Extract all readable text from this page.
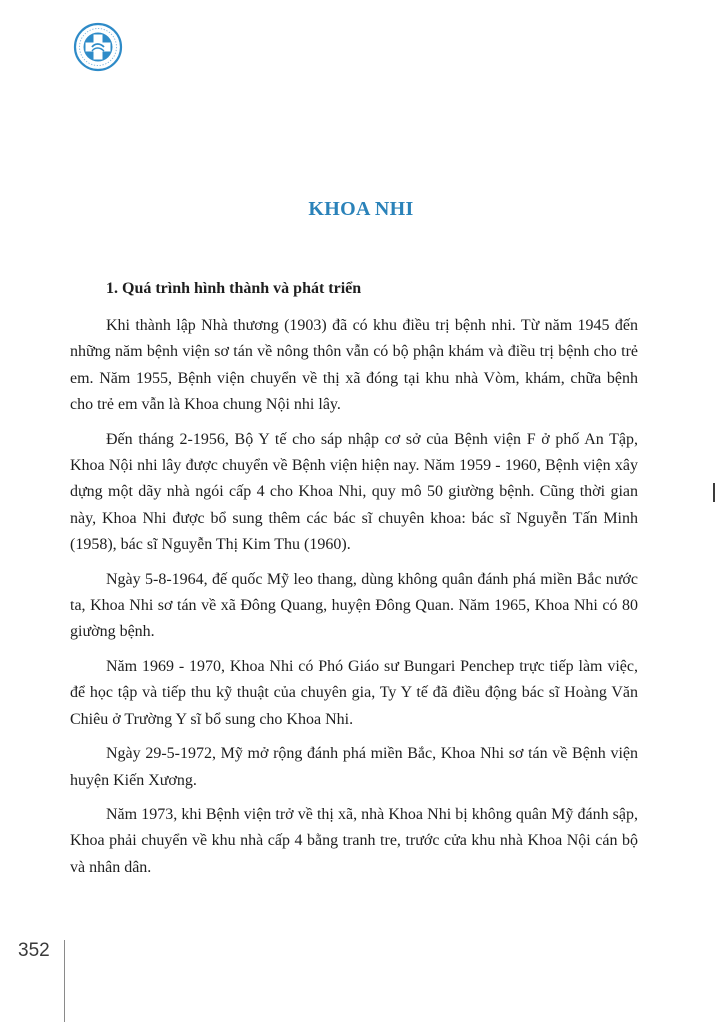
KHOA NHI
1. Quá trình hình thành và phát triển

Khi thành lập Nhà thương (1903) đã có khu điều trị bệnh nhi. Từ năm 1945 đến những năm bệnh viện sơ tán về nông thôn vẫn có bộ phận khám và điều trị bệnh cho trẻ em. Năm 1955, Bệnh viện chuyển về thị xã đóng tại khu nhà Vòm, khám, chữa bệnh cho trẻ em vẫn là Khoa chung Nội nhi lây.

Đến tháng 2-1956, Bộ Y tế cho sáp nhập cơ sở của Bệnh viện F ở phố An Tập, Khoa Nội nhi lây được chuyển về Bệnh viện hiện nay. Năm 1959 - 1960, Bệnh viện xây dựng một dãy nhà ngói cấp 4 cho Khoa Nhi, quy mô 50 giường bệnh. Cũng thời gian này, Khoa Nhi được bổ sung thêm các bác sĩ chuyên khoa: bác sĩ Nguyễn Tấn Minh (1958), bác sĩ Nguyễn Thị Kim Thu (1960).

Ngày 5-8-1964, đế quốc Mỹ leo thang, dùng không quân đánh phá miền Bắc nước ta, Khoa Nhi sơ tán về xã Đông Quang, huyện Đông Quan. Năm 1965, Khoa Nhi có 80 giường bệnh.

Năm 1969 - 1970, Khoa Nhi có Phó Giáo sư Bungari Penchep trực tiếp làm việc, để học tập và tiếp thu kỹ thuật của chuyên gia, Ty Y tế đã điều động bác sĩ Hoàng Văn Chiêu ở Trường Y sĩ bổ sung cho Khoa Nhi.

Ngày 29-5-1972, Mỹ mở rộng đánh phá miền Bắc, Khoa Nhi sơ tán về Bệnh viện huyện Kiến Xương.

Năm 1973, khi Bệnh viện trở về thị xã, nhà Khoa Nhi bị không quân Mỹ đánh sập, Khoa phải chuyển về khu nhà cấp 4 bằng tranh tre, trước cửa khu nhà Khoa Nội cán bộ và nhân dân.

352
